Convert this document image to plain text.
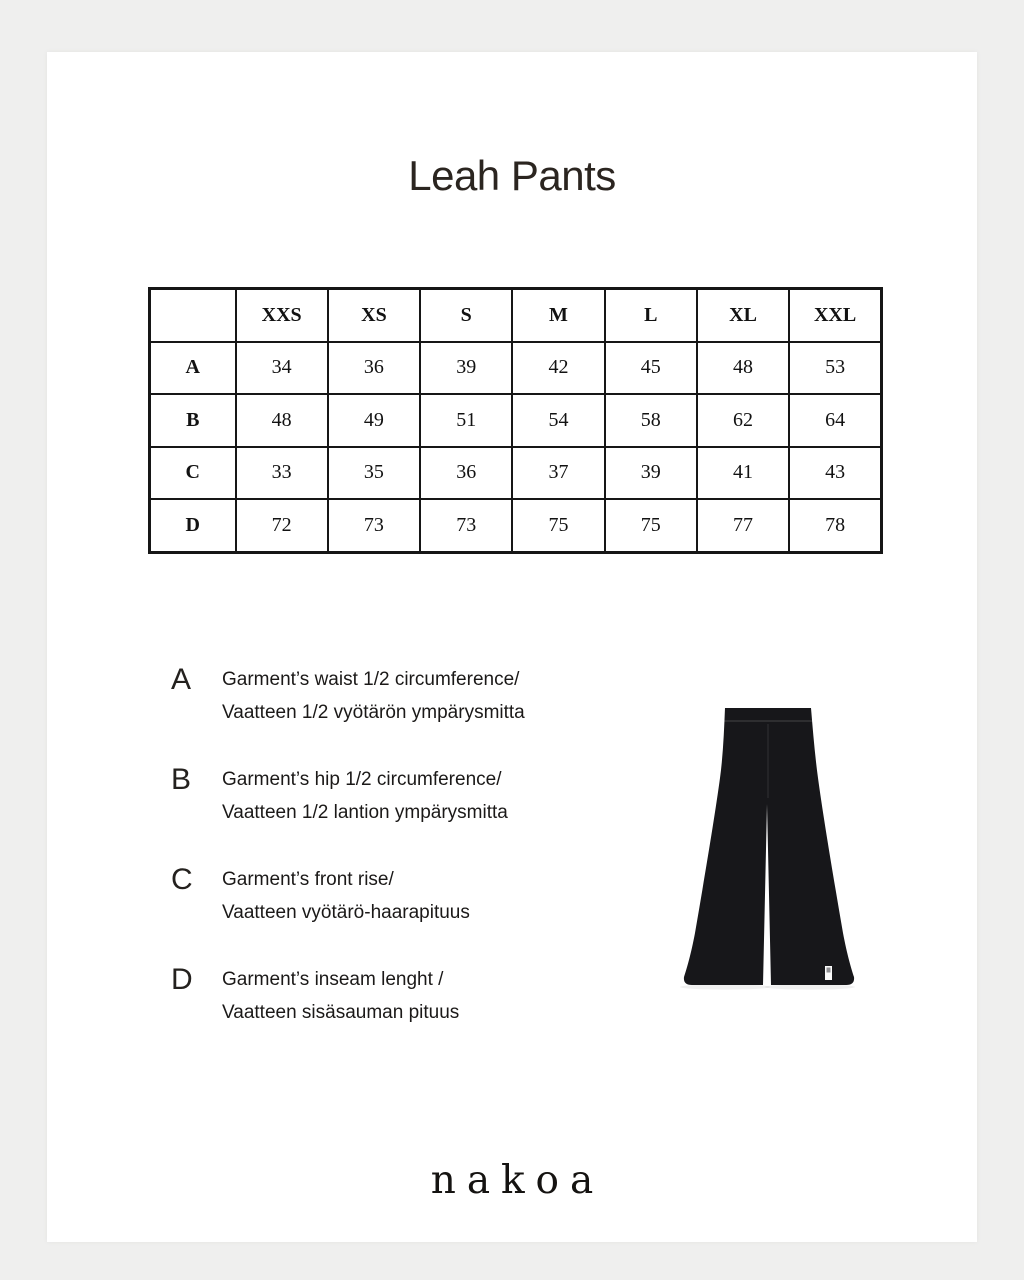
Leah Pants
	XXS	XS	S	M	L	XL	XXL
A	34	36	39	42	45	48	53
B	48	49	51	54	58	62	64
C	33	35	36	37	39	41	43
D	72	73	73	75	75	77	78
A	Garment’s waist 1/2 circumference/
Vaatteen 1/2 vyötärön ympärysmitta
B	Garment’s hip 1/2 circumference/
Vaatteen 1/2 lantion ympärysmitta
C	Garment’s front rise/
Vaatteen vyötärö-haarapituus
D	Garment’s inseam lenght /
Vaatteen sisäsauman pituus
nakoa
